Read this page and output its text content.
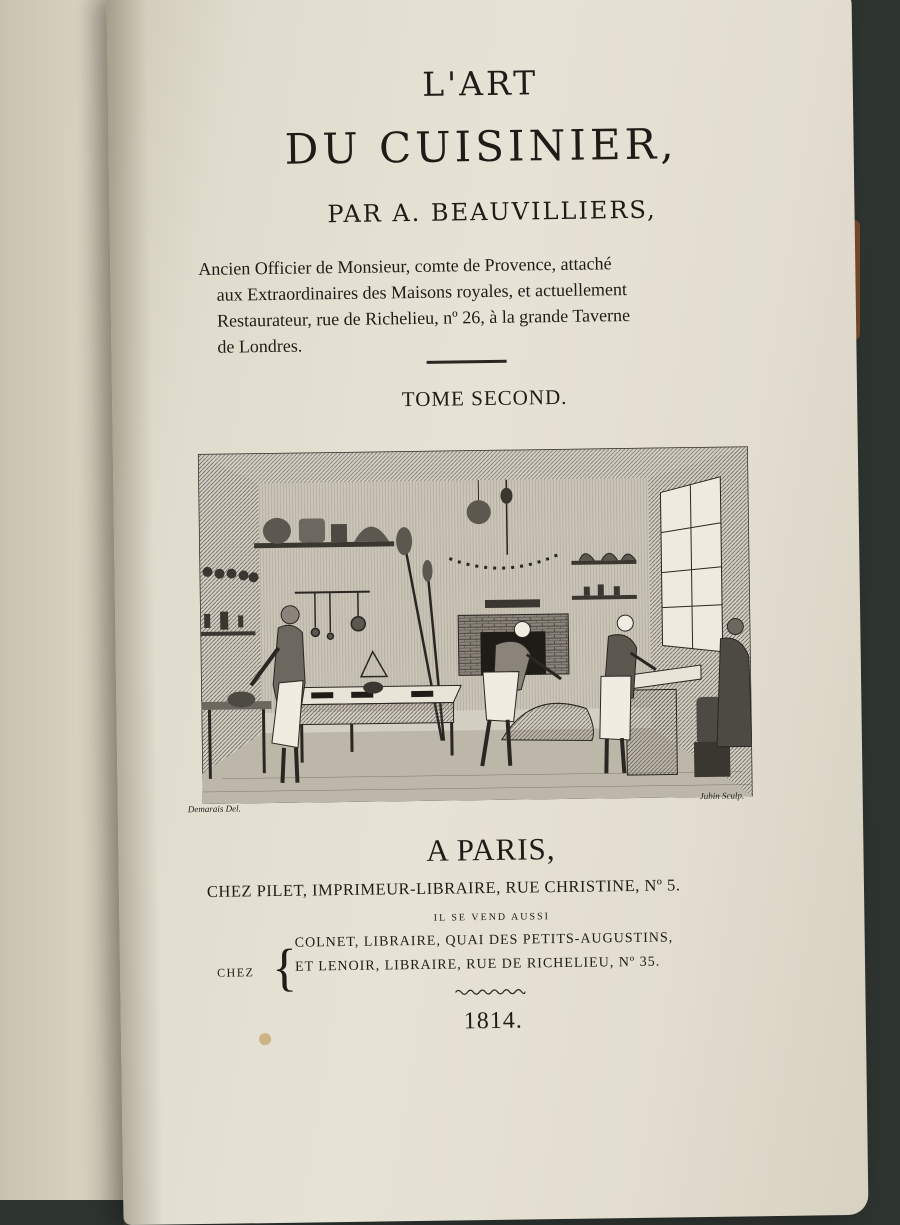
L'ART
DU CUISINIER,
PAR A. BEAUVILLIERS,
Ancien Officier de Monsieur, comte de Provence, attaché
aux Extraordinaires des Maisons royales, et actuellement
Restaurateur, rue de Richelieu, nº 26, à la grande Taverne
de Londres.
TOME SECOND.
Demarais Del.
Jubin Sculp.
A PARIS,
CHEZ PILET, IMPRIMEUR-LIBRAIRE, RUE CHRISTINE, Nº 5.
IL SE VEND AUSSI
CHEZ {
COLNET, LIBRAIRE, QUAI DES PETITS-AUGUSTINS,
ET LENOIR, LIBRAIRE, RUE DE RICHELIEU, Nº 35.
1814.
